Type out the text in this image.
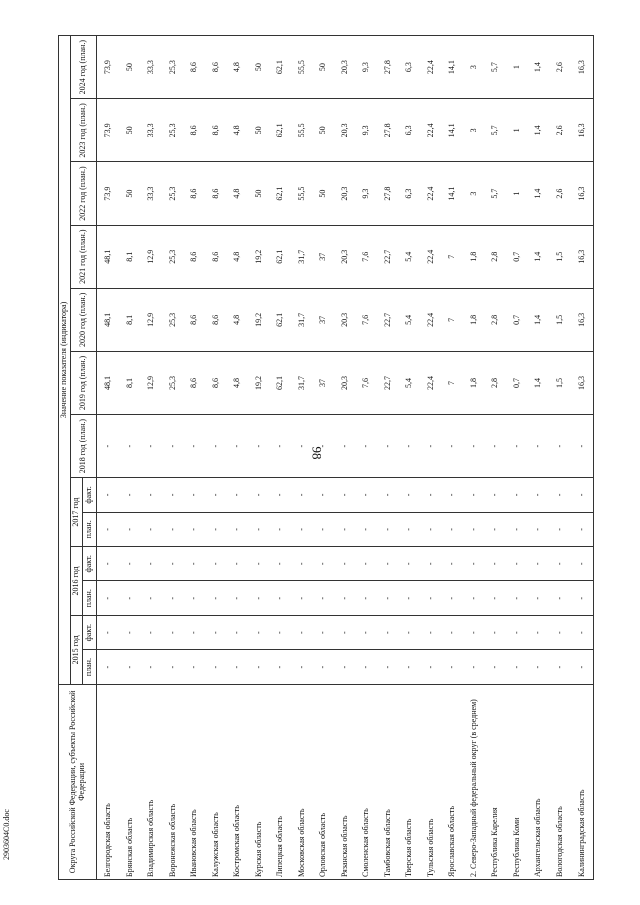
98
Округа Российской Федерации, субъекты Российской Федерации	Значение показателя (индикатора)												
	2015 год		2016 год		2017 год		2018 год (план.)	2019 год (план.)	2020 год (план.)	2021 год (план.)	2022 год (план.)	2023 год (план.)	2024 год (план.)
	план.	факт.	план.	факт.	план.	факт.							
Белгородская область	-	-	-	-	-	-	-	48,1	48,1	48,1	73,9	73,9	73,9
Брянская область	-	-	-	-	-	-	-	8,1	8,1	8,1	50	50	50
Владимирская область	-	-	-	-	-	-	-	12,9	12,9	12,9	33,3	33,3	33,3
Воронежская область	-	-	-	-	-	-	-	25,3	25,3	25,3	25,3	25,3	25,3
Ивановская область	-	-	-	-	-	-	-	8,6	8,6	8,6	8,6	8,6	8,6
Калужская область	-	-	-	-	-	-	-	8,6	8,6	8,6	8,6	8,6	8,6
Костромская область	-	-	-	-	-	-	-	4,8	4,8	4,8	4,8	4,8	4,8
Курская область	-	-	-	-	-	-	-	19,2	19,2	19,2	50	50	50
Липецкая область	-	-	-	-	-	-	-	62,1	62,1	62,1	62,1	62,1	62,1
Московская область	-	-	-	-	-	-	-	31,7	31,7	31,7	55,5	55,5	55,5
Орловская область	-	-	-	-	-	-	-	37	37	37	50	50	50
Рязанская область	-	-	-	-	-	-	-	20,3	20,3	20,3	20,3	20,3	20,3
Смоленская область	-	-	-	-	-	-	-	7,6	7,6	7,6	9,3	9,3	9,3
Тамбовская область	-	-	-	-	-	-	-	22,7	22,7	22,7	27,8	27,8	27,8
Тверская область	-	-	-	-	-	-	-	5,4	5,4	5,4	6,3	6,3	6,3
Тульская область	-	-	-	-	-	-	-	22,4	22,4	22,4	22,4	22,4	22,4
Ярославская область	-	-	-	-	-	-	-	7	7	7	14,1	14,1	14,1
2. Северо-Западный федеральный округ (в среднем)	-	-	-	-	-	-	-	1,8	1,8	1,8	3	3	3
Республика Карелия	-	-	-	-	-	-	-	2,8	2,8	2,8	5,7	5,7	5,7
Республика Коми	-	-	-	-	-	-	-	0,7	0,7	0,7	1	1	1
Архангельская область	-	-	-	-	-	-	-	1,4	1,4	1,4	1,4	1,4	1,4
Вологодская область	-	-	-	-	-	-	-	1,5	1,5	1,5	2,6	2,6	2,6
Калининградская область	-	-	-	-	-	-	-	16,3	16,3	16,3	16,3	16,3	16,3
2903604C0.doc
